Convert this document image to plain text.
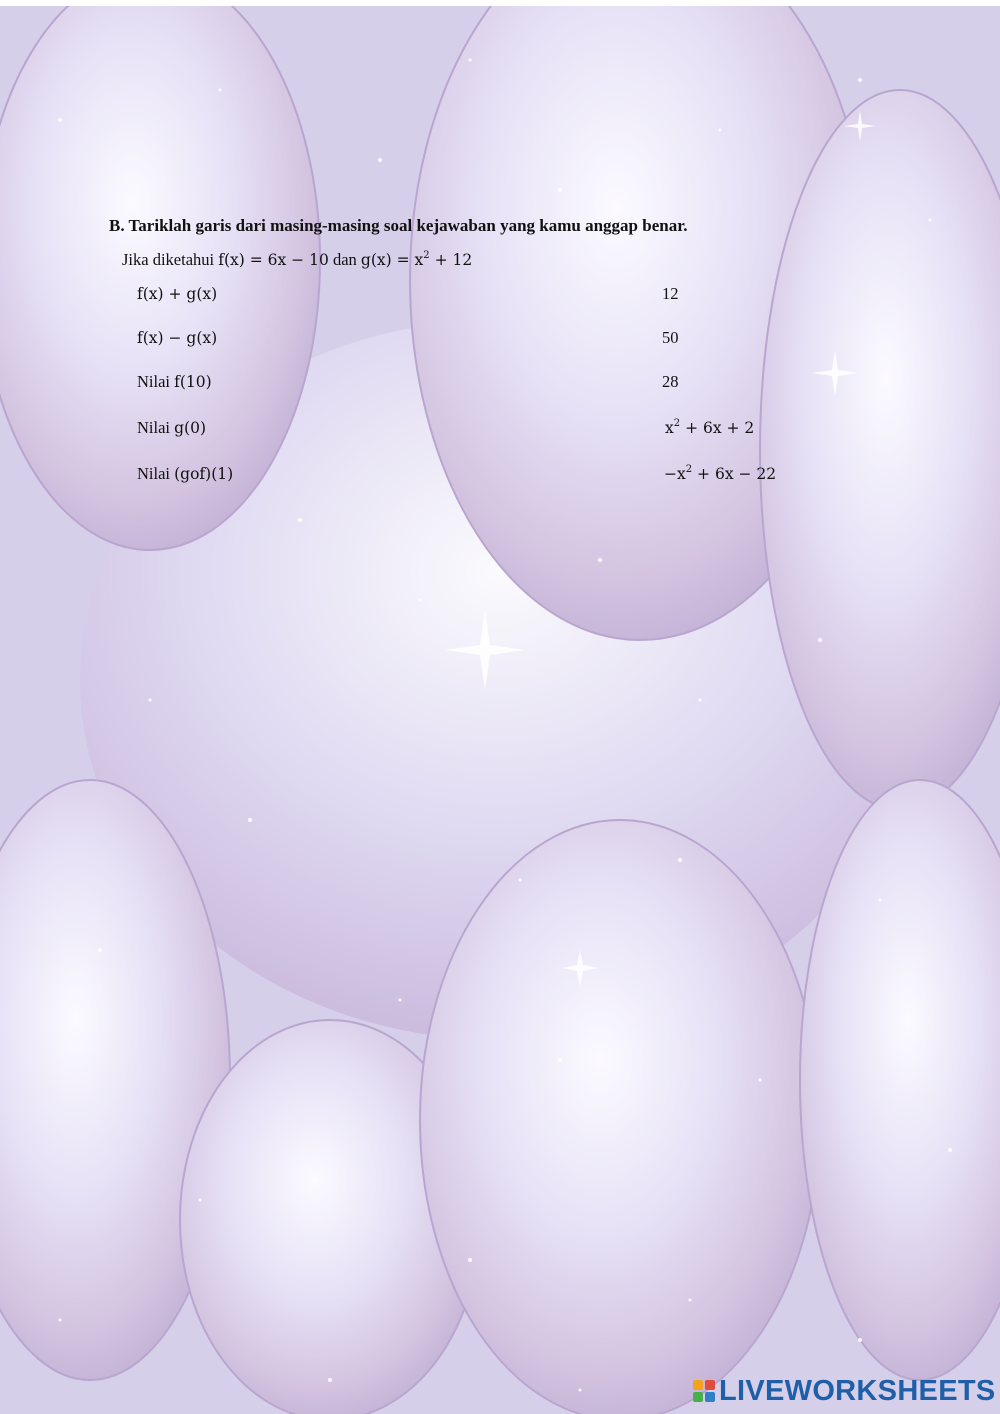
B. Tariklah garis dari masing-masing soal kejawaban yang kamu anggap benar.
Jika diketahui f(x) = 6x − 10 dan $g(x) = x^2 + 12$
f(x) + g(x)
f(x) − g(x)
Nilai f(10)
Nilai g(0)
Nilai (gof)(1)
12
50
28
$x^2 + 6x + 2$
$-x^2 + 6x - 22$
LIVEWORKSHEETS
